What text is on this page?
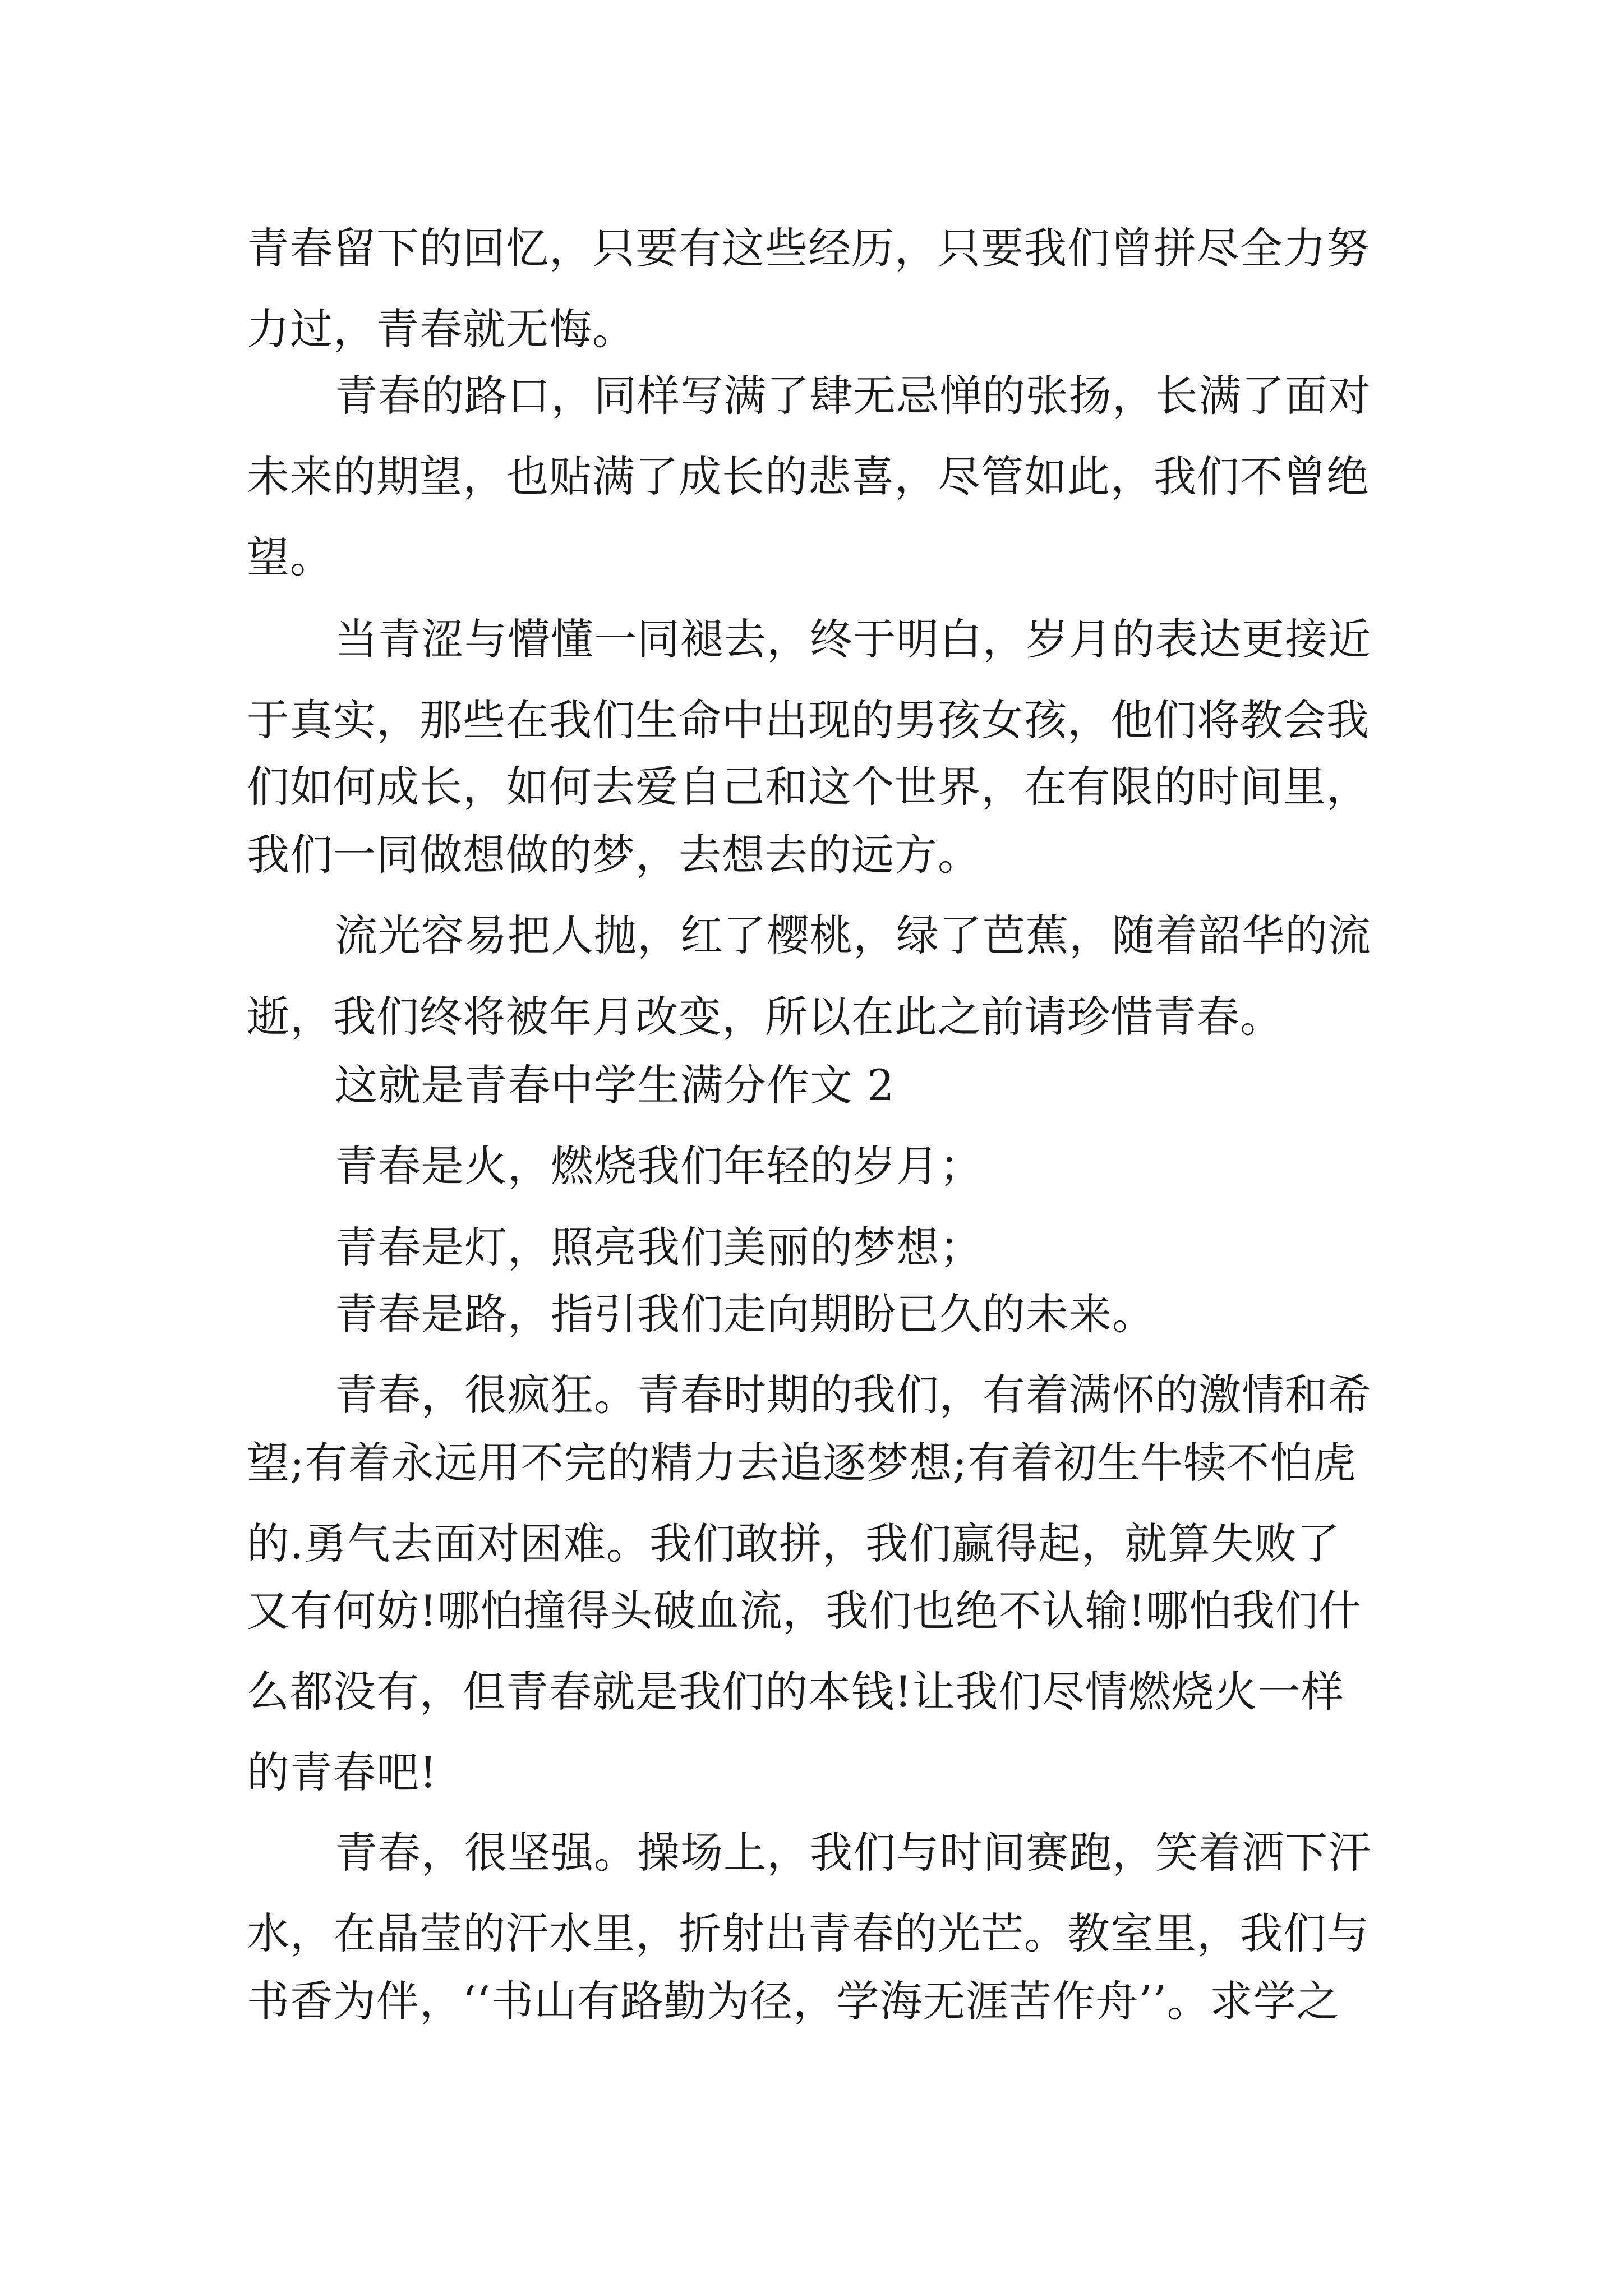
青春留下的回忆，只要有这些经历，只要我们曾拼尽全力努
力过，青春就无悔。
青春的路口，同样写满了肆无忌惮的张扬，长满了面对
未来的期望，也贴满了成长的悲喜，尽管如此，我们不曾绝
望。
当青涩与懵懂一同褪去，终于明白，岁月的表达更接近
于真实，那些在我们生命中出现的男孩女孩，他们将教会我
们如何成长，如何去爱自己和这个世界，在有限的时间里，
我们一同做想做的梦，去想去的远方。
流光容易把人抛，红了樱桃，绿了芭蕉，随着韶华的流
逝，我们终将被年月改变，所以在此之前请珍惜青春。
这就是青春中学生满分作文 2
青春是火，燃烧我们年轻的岁月；
青春是灯，照亮我们美丽的梦想；
青春是路，指引我们走向期盼已久的未来。
青春，很疯狂。青春时期的我们，有着满怀的激情和希
望;有着永远用不完的精力去追逐梦想;有着初生牛犊不怕虎
的.勇气去面对困难。我们敢拼，我们赢得起，就算失败了
又有何妨!哪怕撞得头破血流，我们也绝不认输!哪怕我们什
么都没有，但青春就是我们的本钱!让我们尽情燃烧火一样
的青春吧!
青春，很坚强。操场上，我们与时间赛跑，笑着洒下汗
水，在晶莹的汗水里，折射出青春的光芒。教室里，我们与
书香为伴，‘‘书山有路勤为径，学海无涯苦作舟’’。求学之
